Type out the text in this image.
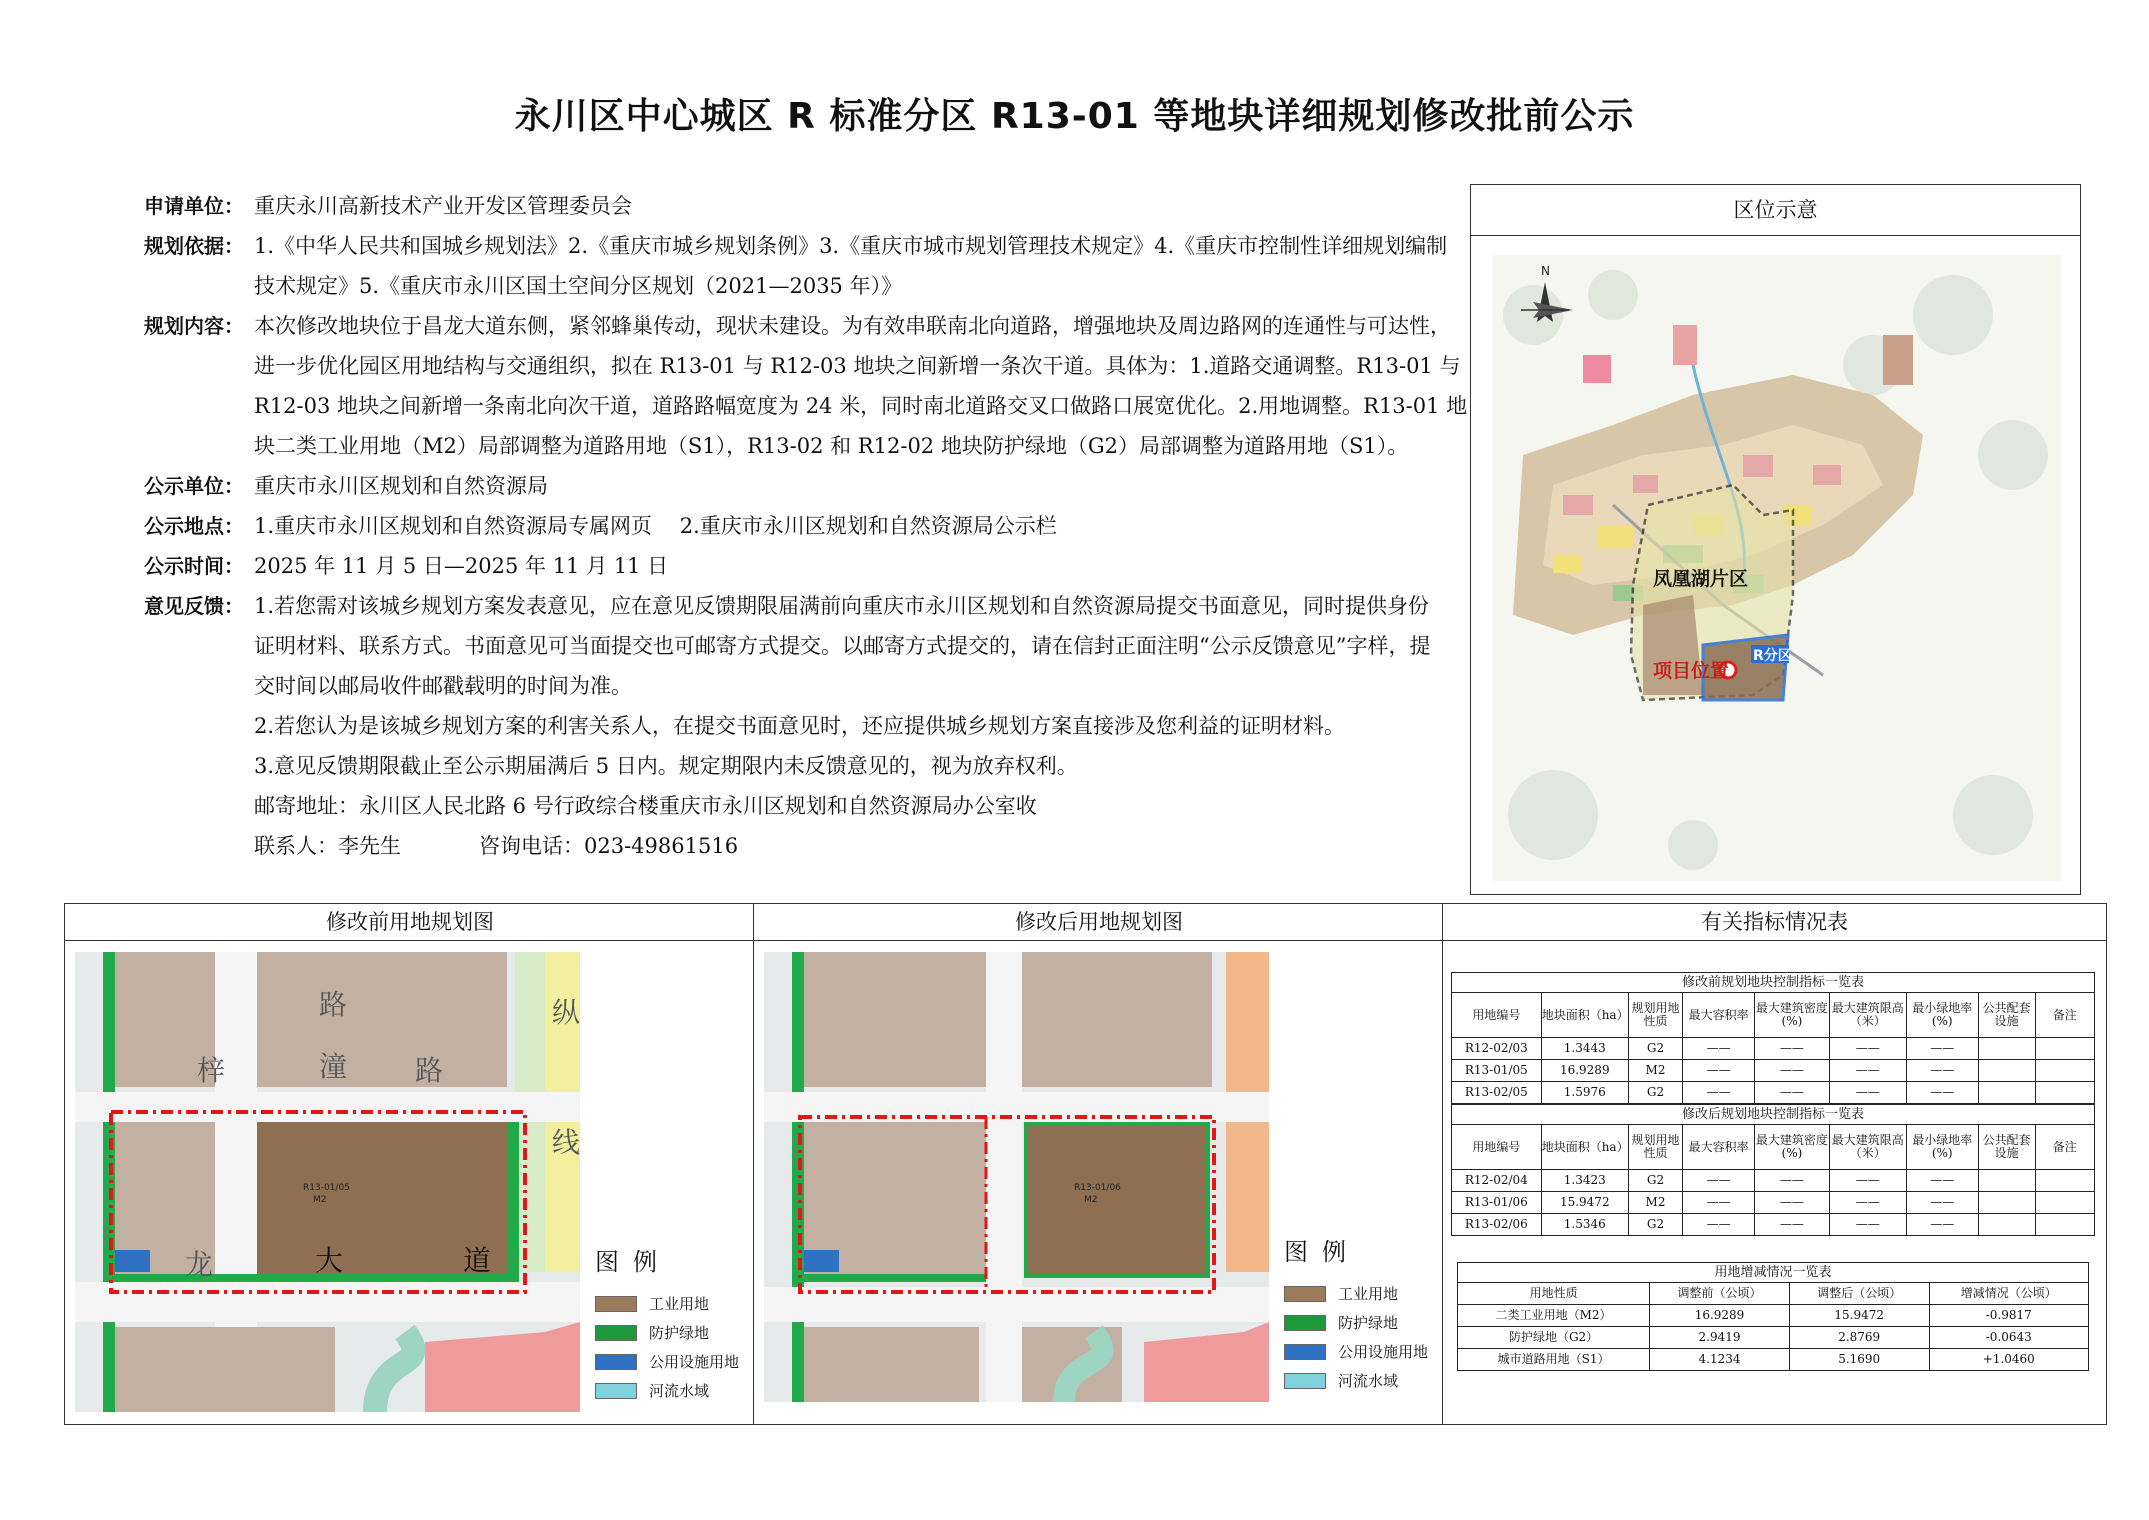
永川区中心城区 R 标准分区 R13-01 等地块详细规划修改批前公示
申请单位： 重庆永川高新技术产业开发区管理委员会
规划依据： 1.《中华人民共和国城乡规划法》2.《重庆市城乡规划条例》3.《重庆市城市规划管理技术规定》4.《重庆市控制性详细规划编制
技术规定》5.《重庆市永川区国土空间分区规划（2021—2035 年）》
规划内容： 本次修改地块位于昌龙大道东侧，紧邻蜂巢传动，现状未建设。为有效串联南北向道路，增强地块及周边路网的连通性与可达性，
进一步优化园区用地结构与交通组织，拟在 R13-01 与 R12-03 地块之间新增一条次干道。具体为：1.道路交通调整。R13-01 与
R12-03 地块之间新增一条南北向次干道，道路路幅宽度为 24 米，同时南北道路交叉口做路口展宽优化。2.用地调整。R13-01 地
块二类工业用地（M2）局部调整为道路用地（S1），R13-02 和 R12-02 地块防护绿地（G2）局部调整为道路用地（S1）。
公示单位： 重庆市永川区规划和自然资源局
公示地点： 1.重庆市永川区规划和自然资源局专属网页　 2.重庆市永川区规划和自然资源局公示栏
公示时间： 2025 年 11 月 5 日—2025 年 11 月 11 日
意见反馈： 1.若您需对该城乡规划方案发表意见，应在意见反馈期限届满前向重庆市永川区规划和自然资源局提交书面意见，同时提供身份
证明材料、联系方式。书面意见可当面提交也可邮寄方式提交。以邮寄方式提交的，请在信封正面注明“公示反馈意见”字样，提
交时间以邮局收件邮戳载明的时间为准。
2.若您认为是该城乡规划方案的利害关系人，在提交书面意见时，还应提供城乡规划方案直接涉及您利益的证明材料。
3.意见反馈期限截止至公示期届满后 5 日内。规定期限内未反馈意见的，视为放弃权利。
邮寄地址：永川区人民北路 6 号行政综合楼重庆市永川区规划和自然资源局办公室收
联系人：李先生	咨询电话：023-49861516
区位示意
N
凤凰湖片区
项目位置
R分区
修改前用地规划图
R13-01/05
M2
路
潼
梓	路
纵
线
龙	大	道	图例
工业用地
防护绿地
公用设施用地
河流水域
修改后用地规划图
R13-01/06
M2
图例
工业用地
防护绿地
公用设施用地
河流水域
有关指标情况表
修改前规划地块控制指标一览表
用地编号	地块面积（ha）	规划用地性质	最大容积率	最大建筑密度(%)	最大建筑限高（米）	最小绿地率(%)	公共配套设施	备注
R12-02/03	1.3443	G2	——	——	——	——		
R13-01/05	16.9289	M2	——	——	——	——		
R13-02/05	1.5976	G2	——	——	——	——		
修改后规划地块控制指标一览表
用地编号	地块面积（ha）	规划用地性质	最大容积率	最大建筑密度(%)	最大建筑限高（米）	最小绿地率(%)	公共配套设施	备注
R12-02/04	1.3423	G2	——	——	——	——		
R13-01/06	15.9472	M2	——	——	——	——		
R13-02/06	1.5346	G2	——	——	——	——		
用地增减情况一览表
用地性质	调整前（公顷）	调整后（公顷）	增减情况（公顷）
二类工业用地（M2）	16.9289	15.9472	-0.9817
防护绿地（G2）	2.9419	2.8769	-0.0643
城市道路用地（S1）	4.1234	5.1690	+1.0460
